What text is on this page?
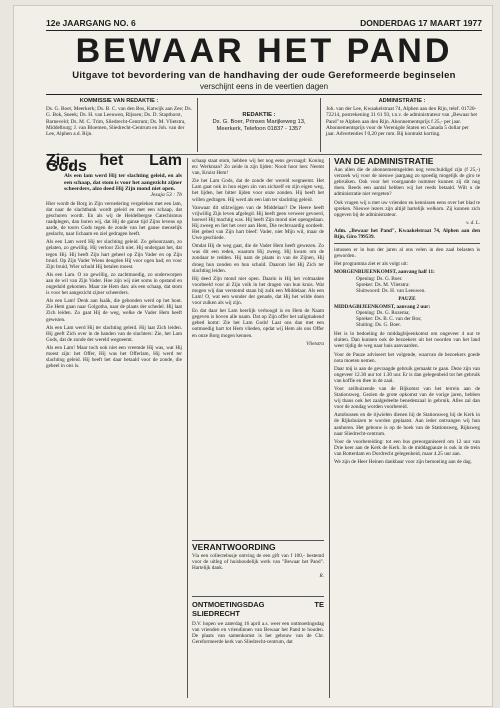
12e JAARGANG NO. 6	DONDERDAG 17 MAART 1977
BEWAAR HET PAND
Uitgave tot bevordering van de handhaving der oude Gereformeerde beginselen
verschijnt eens in de veertien dagen
KOMMISSIE VAN REDAKTIE :

Ds. G. Boer, Meerkerk; Ds. B. C. van den Bos, Katwijk aan Zee; Ds. G. Bok, Sneek; Ds. H. van Leeuwen, Rijssen; Ds. D. Stapthorst, Barneveld; Ds. M. C. Trim, Sliedrecht-Centrum; Ds. M. Vlietstra, Middelburg; J. van Bloemen, Sliedrecht-Centrum en Joh. van der Lee, Alphen a.d. Rijn.

REDAKTIE :

Ds. G. Boer, Prinses Marijkeweg 13,

Meerkerk, Telefoon 01837 - 1357

ADMINISTRATIE :

Joh. van der Lee, Kwaakelstraat 74, Alphen aan den Rijn, telef. 01720-72214, postrekening 31 61 93, t.n.v. de administrateur van „Bewaar het Pand" te Alphen aan den Rijn. Abonnementsprijs f 25,- per jaar. Abonnementsprijs voor de Verenigde Staten en Canada 5 dollar per jaar. Advertenties f 0,20 per mm. Bij kontrakt korting.

Zie, het Lam Gods
Als een lam werd Hij ter slachting geleid, en als een schaap, dat stom is voor het aangezicht zijner scheerders, alzo deed Hij Zijn mond niet open.
Jesaja 53 : 7b

Hier wordt de Borg in Zijn vernedering vergeleken met een lam, dat naar de slachtbank wordt geleid en met een schaap, dat geschoren wordt. En als wij de Heidelbergse Catechismus raadplegen, dan horen wij, dat Hij de ganse tijd Zijns levens op aarde, de toorn Gods tegen de zonde van het ganse menselijk geslacht, naar lichaam en ziel gedragen heeft.

Als een Lam werd Hij ter slachting geleid. Zo gehoorzaam, zo gelaten, zo gewillig. Hij verloor Zich niet. Hij ondergaat het, dat tegen Hij. Hij heeft Zijn hart geheel op Zijn Vader en op Zijn bruid. Op Zijn Vader Wiens deugden Hij voor ogen had; en voor Zijn bruid, Wier schuld Hij betalen moest.

Als een Lam. O zo gewillig, zo zachtmoedig, zo onderworpen aan de wil van Zijn Vader. Hoe zijn wij niet soms in opstand en ongeduld gekomen. Maar zie Hem dan: als een schaap, dat stom is voor het aangezicht zijner scheerders.

Als een Lam! Denk aan Isaäk, die gebonden werd op het hout. Zie Hem gaan naar Golgotha, naar de plaats der schedel. Hij laat Zich leiden. Zo gaat Hij de weg, welke de Vader Hem heeft gewezen.

Als een Lam werd Hij ter slachting geleid. Hij laat Zich leiden. Hij geeft Zich over in de handen van de slachters: Zie, het Lam Gods, dat de zonde der wereld wegneemt.

Als een Lam! Maar toch ook niet een vreemde Hij was, wat Hij moest zijn: het Offer, Hij was het Offerlam, Hij werd ter slachting geleid. Hij heeft het daar betaald voor de zonde, die geheel in ons is.

schaap staat stom, hebben wij het nog eens gevraagd: Koning en: Werkman? Zo zeide in zijn lijden: Nooit hoor hen: Neemt van, Kruist Hem!

Zie het Lam Gods, dat de zonde der wereld wegneemt. Het Lam gaat ook in hun eigen zin van zichzelf en zijn eigen weg, het lijden, het bitter lijden voor onze zonden. Hij heeft het willen gedragen. Hij werd als een lam ter slachting geleid.

Vanwaar dit stilzwijgen van de Middelaar? De Heere heeft vrijwillig Zijn leven afgelegd. Hij heeft geen verweer gevoerd, hoewel Hij machtig was. Hij heeft Zijn mond niet opengedaan. Hij zweeg en liet het over aan Hem, Die rechtvaardig oordeelt. Het gebed van Zijn hart bleef: Vader, niet Mijn wil, maar de Uwe geschiede.

Omdat Hij de weg gaat, die de Vader Hem heeft gewezen. Zo was dit een reden, waarom Hij zweeg. Hij kwam om de zondaar te redden. Hij nam de plaats in van de Zijnen, Hij droeg hun zonden en hun schuld. Daarom liet Hij Zich ter slachting leiden.

Hij deed Zijn mond niet open. Daarin is Hij het volmaakte voorbeeld voor al Zijn volk in het dragen van hun kruis. Wat mogen wij dan verstomd staan bij zulk een Middelaar. Als een Lam! O, wat een wonder der genade, dat Hij het wilde doen voor zulken als wij zijn.

En dat daar het Lam heerlijk verhoogd is en Hem de Naam gegeven is boven alle naam. Dat op Zijn offer het zaligmakend gebed komt: Zie het Lam Gods! Laat ons dan met een ootmoedig hart tot Hem vlieden, opdat wij Hem als ons Offer en onze Borg mogen kennen.

Vlietstra

VERANTWOORDING

Via een collectebusje ontving de een gift van f 100,- bestemd voor de uitleg of huishoudelijk werk van "Bewaar het Pand". Hartelijk dank.

R.

ONTMOETINGSDAG TE SLIEDRECHT

D.V. hopen we zaterdag 16 april a.s. weer een ontmoetingsdag van vrienden en vriendinnen van Bewaar het Pand te houden. De plaats van samenkomst is het gebouw van de Chr. Gereformeerde kerk van Sliedrecht-centrum, dat

VAN DE ADMINISTRATIE

Aan allen die de abonnementsgelden nog verschuldigd zijn (f 25,-) verzoek wij voor de nieuwe jaargang zo spoedig mogelijk de giro te gebruiken. Ook voor het voorgaande nummer kunnen zij dit nog doen. Reeds een aantal hebben wij het reeds betaald. Wilt u de administratie niet vergeten?

Ook vragen wij u met uw vrienden en kennissen eens over het blad te spreken. Nieuwe lezers zijn altijd hartelijk welkom. Zij kunnen zich opgeven bij de administrateur.

v. d. L.

Adm. „Bewaar het Pand", Kwaakelstraat 74, Alphen aan den Rijn, Giro 799539.

intussen er in hun der jaren al ons velen in den zaal belasten is geworden.

Het programma ziet er als volgt uit:

MORGENBIJEENKOMST, aanvang half 11:

Opening: Ds. G. Boer.

Spreker: Ds. M. Vlietstra:

Sluitwoord: Ds. H. van Leeuwen.

PAUZE

MIDDAGBIJEENKOMST, aanvang 2 uur:

Opening: Ds. G. Rozema;

Spreker: Ds. B. C. van der Bos;

Sluiting: Ds. G. Boer.

Het is in bedoeling de middagbijeenkomst om ongeveer 4 uur te sluiten. Dan kunnen ook de bezoekers uit het noorden van het land weer tijdig de weg naar huis aanvaarden.

Voor de Pauze adviseert het volgende, waarvan de bezoekers goede nota moeten nemen.

Daar mij is aan de gevraagde gebruik gemaakt te gaan. Deze zijn van ongeveer 12.30 uur tot 1.30 uur. Er is dan gelegenheid tot het gebruik van koffie en thee in de zaal.

Voor zeilhuizende van de Bijkomst van het terrein aan de Stationsweg. Gezien de grote opkomst van de vorige jaren, hebben wij thans ook het zaalgedeelte benedenzaal in gebruik. Alles zal dan voor de zondag worden voorbereid.

Autobussen en de rijwielen dienen bij de Stationsweg bij de Kerk in de Rijkshuizen te worden geplaatst. Aan ieder ontvangen wij hun aanhoren. Het gebouw is op de hoek van de Stationsweg, Rijksweg naar Sliedrecht-centrum.

Voor de voorbereiding: tot een bus gereorganiseerd om 12 uur van Drie keer aan de Kerk de Kerk. In de middagpauze is ook in de trein van Rotterdam en Dordrecht gelegenheid, maar 4.25 uur aan.

We zijn de Heer Heinen dankbaar voor zijn bemoeiing aan de dag.
